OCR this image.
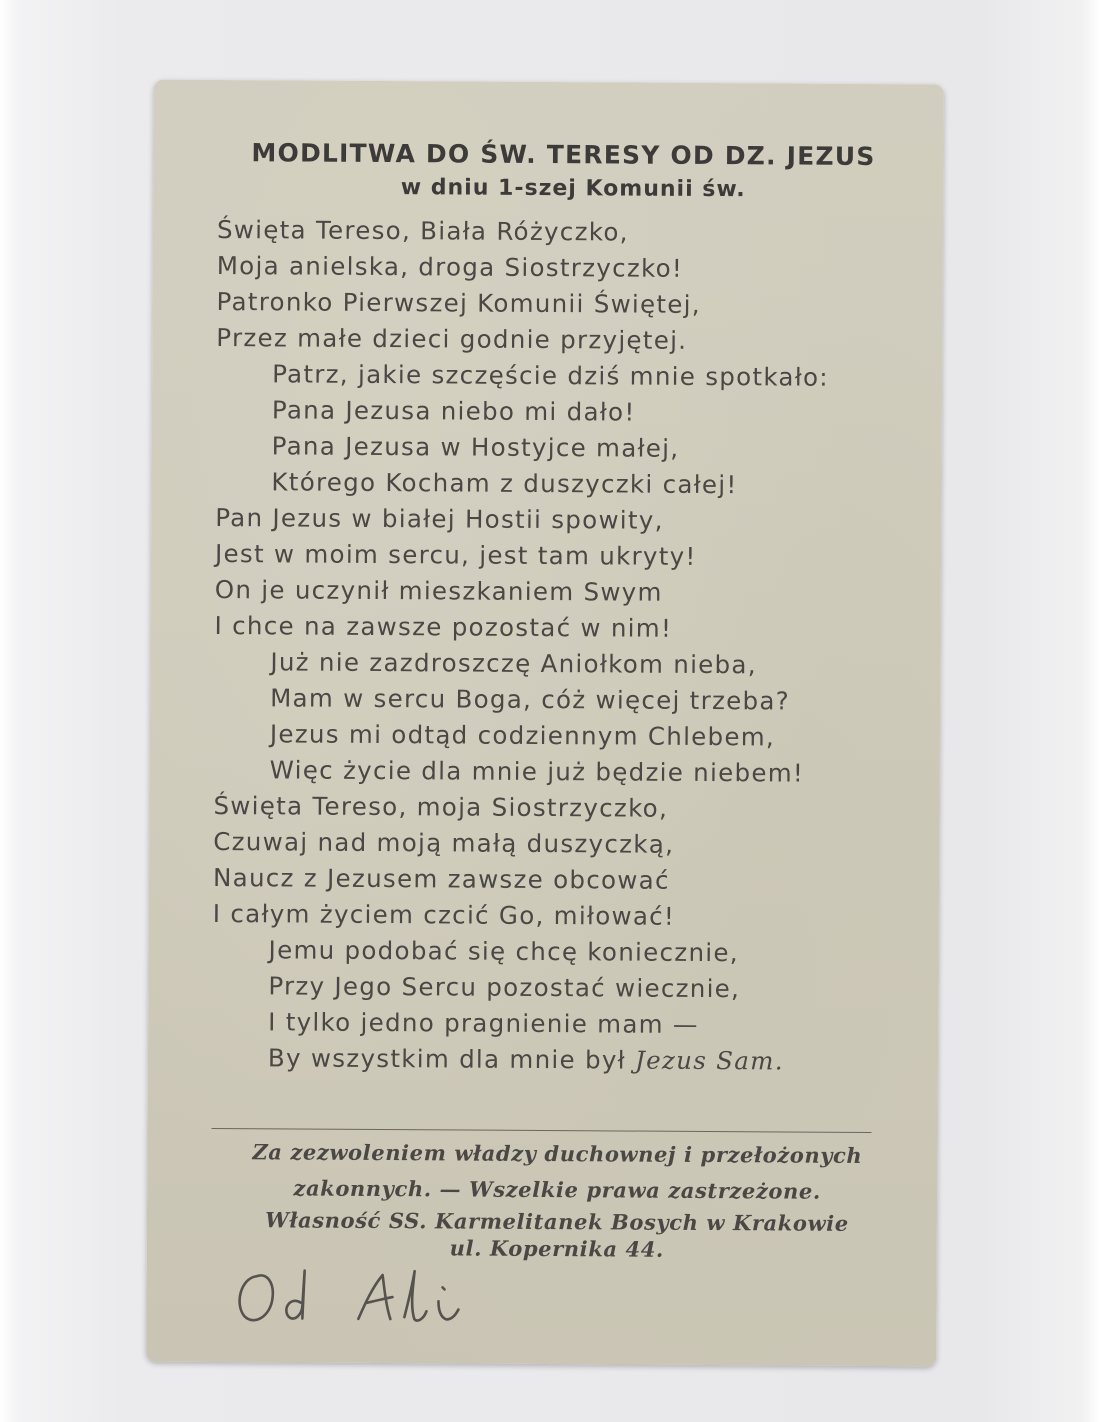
MODLITWA DO ŚW. TERESY OD DZ. JEZUS
w dniu 1-szej Komunii św.
Święta Tereso, Biała Różyczko,
Moja anielska, droga Siostrzyczko!
Patronko Pierwszej Komunii Świętej,
Przez małe dzieci godnie przyjętej.
Patrz, jakie szczęście dziś mnie spotkało:
Pana Jezusa niebo mi dało!
Pana Jezusa w Hostyjce małej,
Którego Kocham z duszyczki całej!
Pan Jezus w białej Hostii spowity,
Jest w moim sercu, jest tam ukryty!
On je uczynił mieszkaniem Swym
I chce na zawsze pozostać w nim!
Już nie zazdroszczę Aniołkom nieba,
Mam w sercu Boga, cóż więcej trzeba?
Jezus mi odtąd codziennym Chlebem,
Więc życie dla mnie już będzie niebem!
Święta Tereso, moja Siostrzyczko,
Czuwaj nad moją małą duszyczką,
Naucz z Jezusem zawsze obcować
I całym życiem czcić Go, miłować!
Jemu podobać się chcę koniecznie,
Przy Jego Sercu pozostać wiecznie,
I tylko jedno pragnienie mam —
By wszystkim dla mnie był Jezus Sam.
Za zezwoleniem władzy duchownej i przełożonych
zakonnych. — Wszelkie prawa zastrzeżone.
Własność SS. Karmelitanek Bosych w Krakowie
ul. Kopernika 44.
